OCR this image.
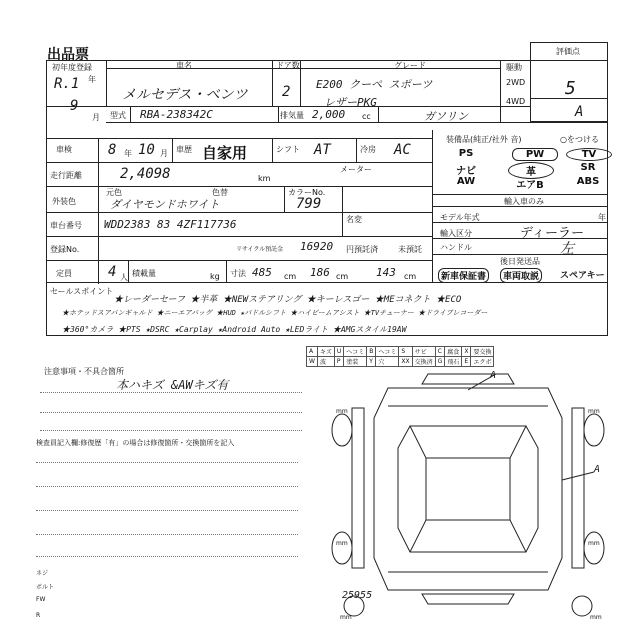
出品票	評価点
5
A
初年度登録
R.1 年
9
月
車名
メルセデス・ベンツ
ドア数
2
グレード
E200 クーペ スポーツ
レザーPKG
駆動
2WD
4WD
型式 RBA-238342C	排気量 2,000 cc	ガソリン
車検	8 年 10 月 車歴 自家用	シフト AT	冷房 AC
メーター
走行距離	2,4098	km
外装色
元色	色替
ダイヤモンドホワイト
カラーNo.
799
車台番号 WDD2383 83 4ZF117736	名変
登録No.	リサイクル預託金 16920 円預託済	未預託
定員	4 人 積載量	kg 寸法 485 cm 186 cm	143 cm
装備品(純正/社外 音)	○をつける
PS	PW	TV
ナビ	革	SR
AW	エアB	ABS
輸入車のみ
モデル年式	年
輸入区分	ディーラー
ハンドル	左
後日発送品
新車保証書	車両取説	スペアキー
セールスポイント
★レーダーセーフ ★半革 ★NEWステアリング ★キーレスゴー ★MEコネクト ★ECO
★ホテッドスアバンギャルド ★ニーエアバッグ ★HUD ★パドルシフト ★ハイビームアシスト ★TVチューナー ★ドライブレコーダー
★360°カメラ ★PTS ★DSRC ★Carplay ★Android Auto ★LEDライト ★AMGスタイル19AW
A	キズ	U	ヘコミ	B	ヘコミ	S	サビ	C	腐食	X	要交換
W	波	P	塗装	Y	穴	XX	交換済	G	飛石	E	エクボ
注意事項・不具合箇所
本ハキズ &AWキズ有
検査員記入欄:修復歴「有」の場合は修復箇所・交換箇所を記入
ネジ
ボルト
FW
R
A
A
mm	mm
mm	mm
mm	mm
25955
